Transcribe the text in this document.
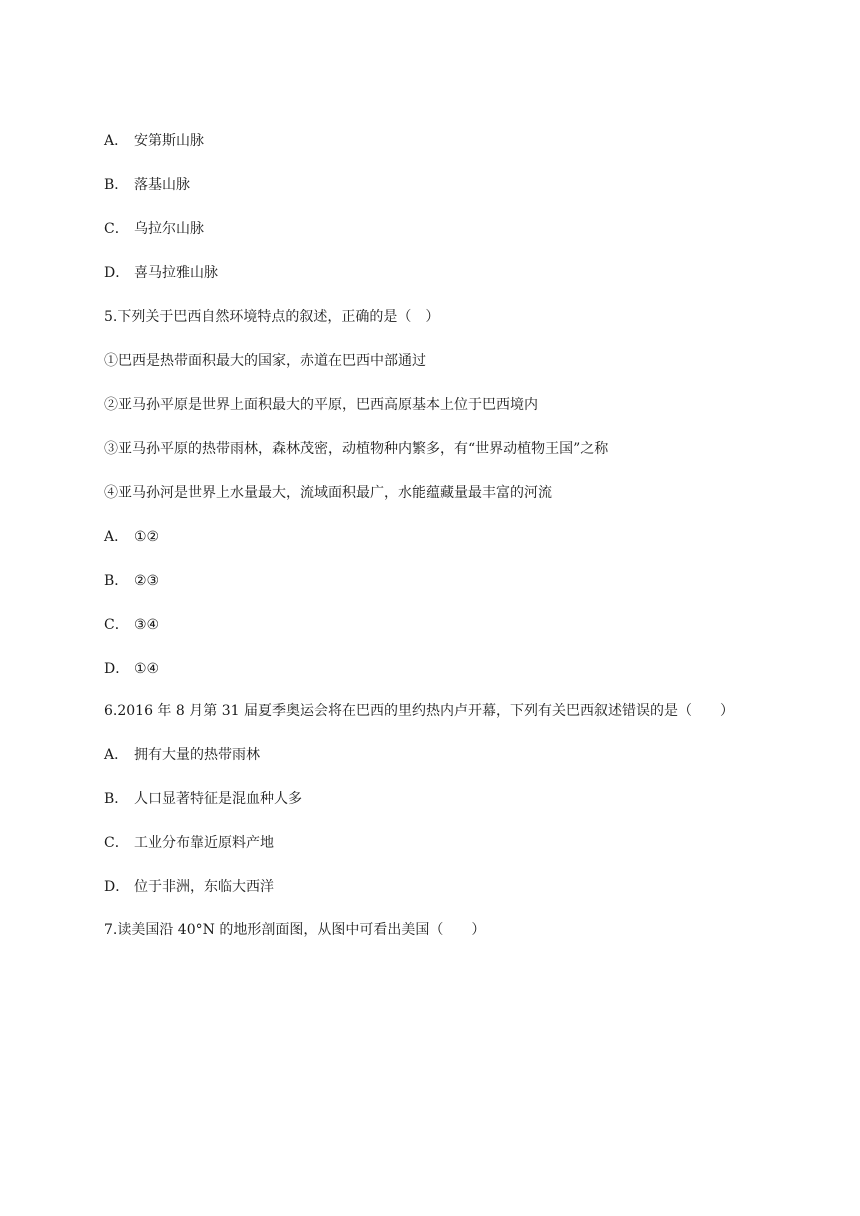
A． 安第斯山脉
B． 落基山脉
C． 乌拉尔山脉
D． 喜马拉雅山脉
5.下列关于巴西自然环境特点的叙述，正确的是（　）
①巴西是热带面积最大的国家，赤道在巴西中部通过
②亚马孙平原是世界上面积最大的平原，巴西高原基本上位于巴西境内
③亚马孙平原的热带雨林，森林茂密，动植物种内繁多，有“世界动植物王国”之称
④亚马孙河是世界上水量最大，流域面积最广，水能蕴藏量最丰富的河流
A． ①②
B． ②③
C． ③④
D． ①④
6.2016 年 8 月第 31 届夏季奥运会将在巴西的里约热内卢开幕，下列有关巴西叙述错误的是（　　）
A． 拥有大量的热带雨林
B． 人口显著特征是混血种人多
C． 工业分布靠近原料产地
D． 位于非洲，东临大西洋
7.读美国沿 40°N 的地形剖面图，从图中可看出美国（　　）
